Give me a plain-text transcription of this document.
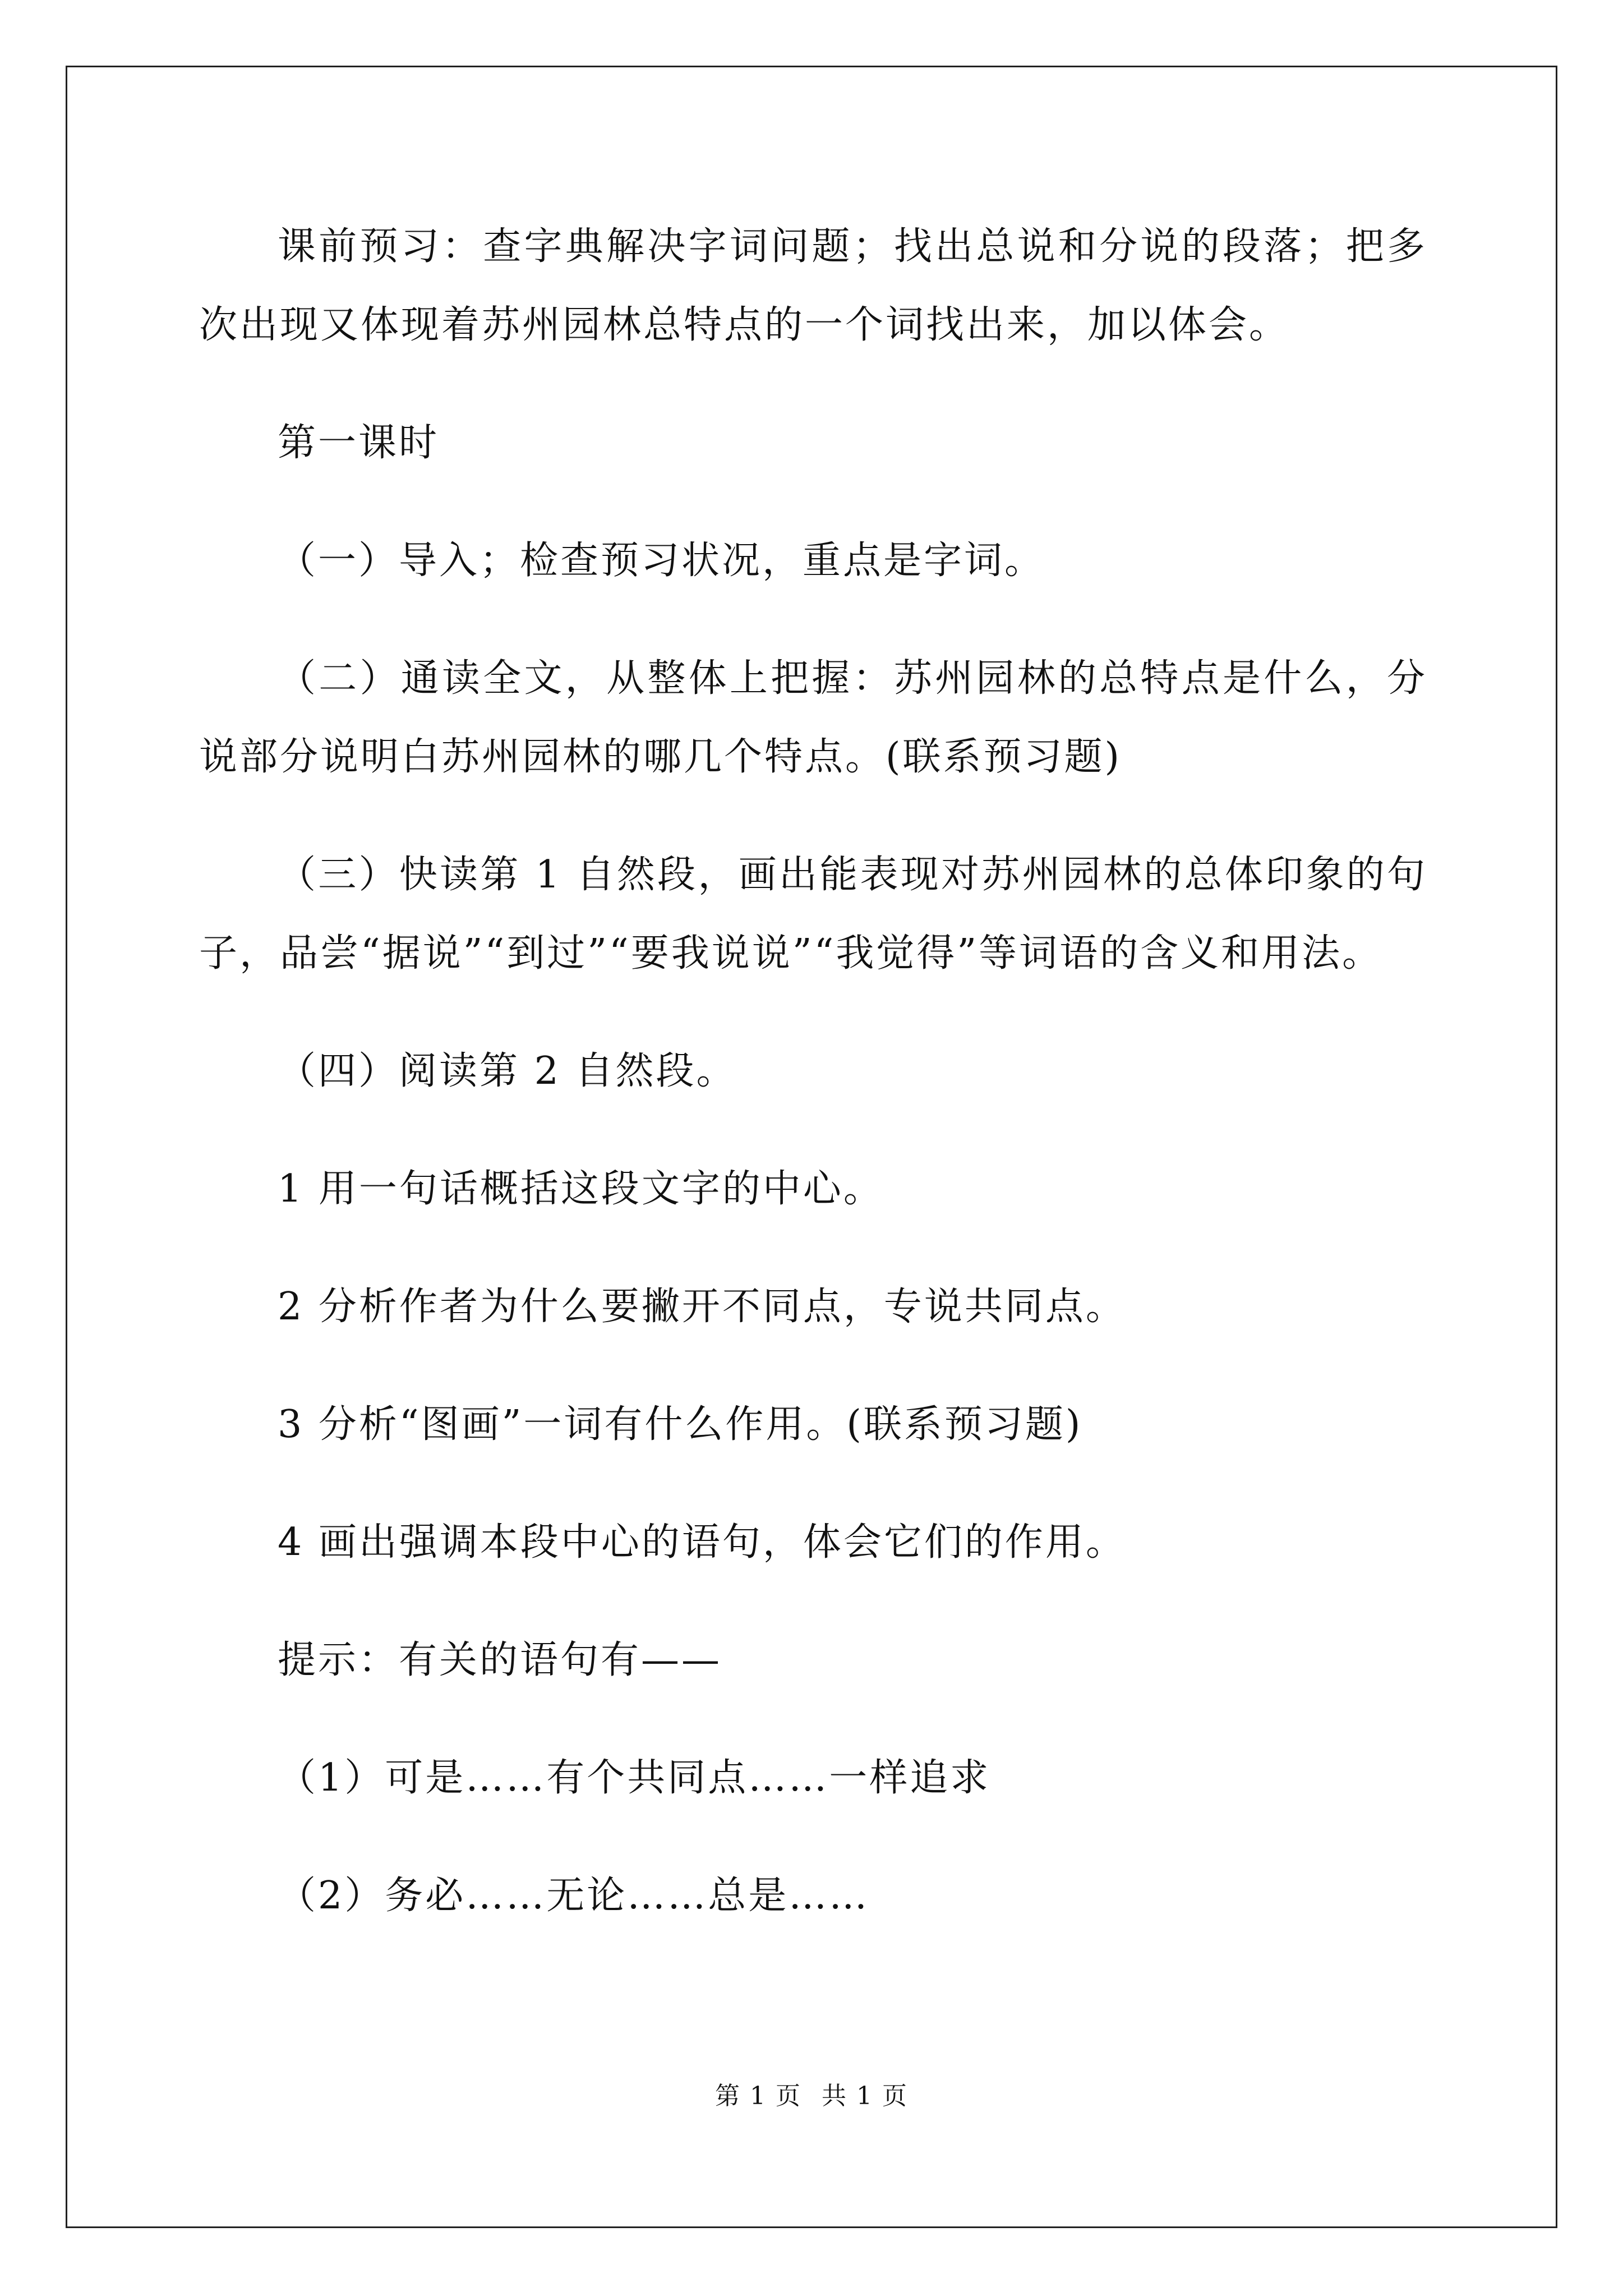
课前预习：查字典解决字词问题；找出总说和分说的段落；把多次出现又体现着苏州园林总特点的一个词找出来，加以体会。

第一课时

（一）导入；检查预习状况，重点是字词。

（二）通读全文，从整体上把握：苏州园林的总特点是什么，分说部分说明白苏州园林的哪几个特点。(联系预习题)

（三）快读第 1 自然段，画出能表现对苏州园林的总体印象的句子，品尝“据说”“到过”“要我说说”“我觉得”等词语的含义和用法。

（四）阅读第 2 自然段。

1 用一句话概括这段文字的中心。

2 分析作者为什么要撇开不同点，专说共同点。

3 分析“图画”一词有什么作用。(联系预习题)

4 画出强调本段中心的语句，体会它们的作用。

提示：有关的语句有——

（1）可是……有个共同点……一样追求

（2）务必……无论……总是……

第 1 页 共 1 页
